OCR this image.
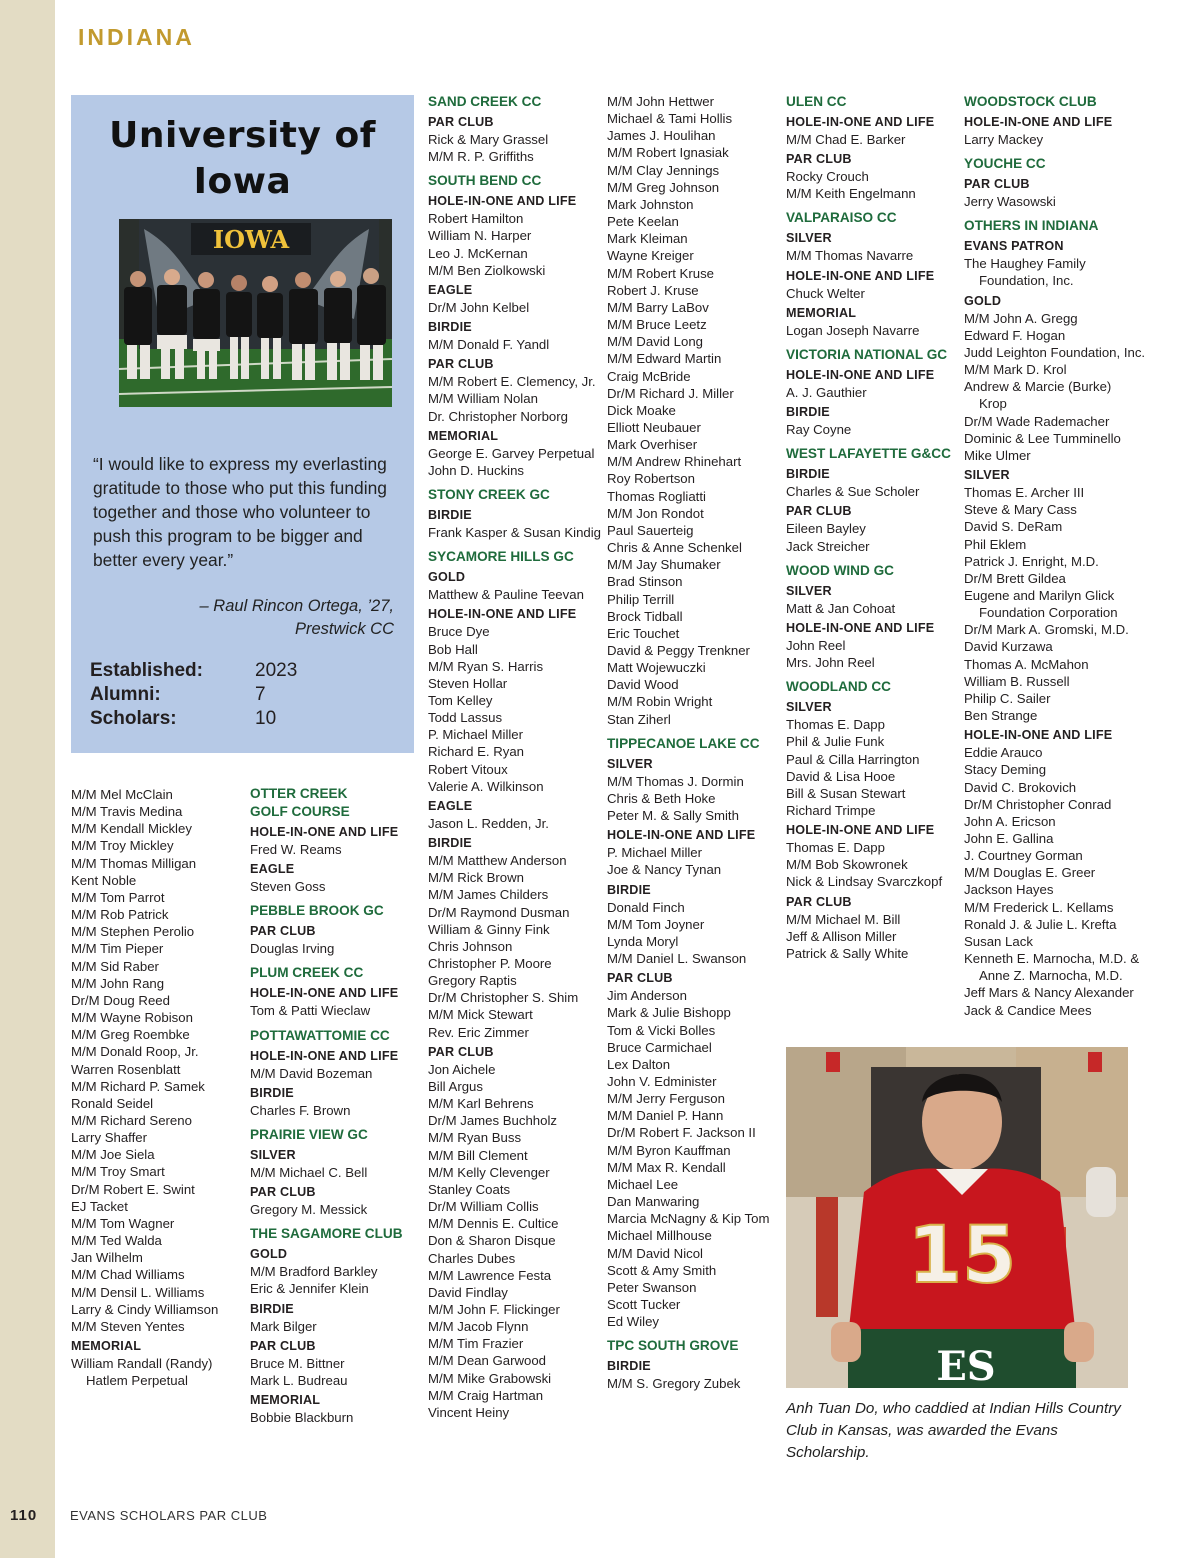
INDIANA
University of Iowa
IOWA
“I would like to express my everlasting gratitude to those who put this funding together and those who volunteer to push this program to be bigger and better every year.”
– Raul Rincon Ortega, ’27,
Prestwick CC
Established:	2023
Alumni:	7
Scholars:	10
M/M Mel McClain
M/M Travis Medina
M/M Kendall Mickley
M/M Troy Mickley
M/M Thomas Milligan
Kent Noble
M/M Tom Parrot
M/M Rob Patrick
M/M Stephen Perolio
M/M Tim Pieper
M/M Sid Raber
M/M John Rang
Dr/M Doug Reed
M/M Wayne Robison
M/M Greg Roembke
M/M Donald Roop, Jr.
Warren Rosenblatt
M/M Richard P. Samek
Ronald Seidel
M/M Richard Sereno
Larry Shaffer
M/M Joe Siela
M/M Troy Smart
Dr/M Robert E. Swint
EJ Tacket
M/M Tom Wagner
M/M Ted Walda
Jan Wilhelm
M/M Chad Williams
M/M Densil L. Williams
Larry & Cindy Williamson
M/M Steven Yentes
MEMORIAL
William Randall (Randy)
Hatlem Perpetual
OTTER CREEK
GOLF COURSE
HOLE-IN-ONE AND LIFE
Fred W. Reams
EAGLE
Steven Goss
PEBBLE BROOK GC
PAR CLUB
Douglas Irving
PLUM CREEK CC
HOLE-IN-ONE AND LIFE
Tom & Patti Wieclaw
POTTAWATTOMIE CC
HOLE-IN-ONE AND LIFE
M/M David Bozeman
BIRDIE
Charles F. Brown
PRAIRIE VIEW GC
SILVER
M/M Michael C. Bell
PAR CLUB
Gregory M. Messick
THE SAGAMORE CLUB
GOLD
M/M Bradford Barkley
Eric & Jennifer Klein
BIRDIE
Mark Bilger
PAR CLUB
Bruce M. Bittner
Mark L. Budreau
MEMORIAL
Bobbie Blackburn
SAND CREEK CC
PAR CLUB
Rick & Mary Grassel
M/M R. P. Griffiths
SOUTH BEND CC
HOLE-IN-ONE AND LIFE
Robert Hamilton
William N. Harper
Leo J. McKernan
M/M Ben Ziolkowski
EAGLE
Dr/M John Kelbel
BIRDIE
M/M Donald F. Yandl
PAR CLUB
M/M Robert E. Clemency, Jr.
M/M William Nolan
Dr. Christopher Norborg
MEMORIAL
George E. Garvey Perpetual
John D. Huckins
STONY CREEK GC
BIRDIE
Frank Kasper & Susan Kindig
SYCAMORE HILLS GC
GOLD
Matthew & Pauline Teevan
HOLE-IN-ONE AND LIFE
Bruce Dye
Bob Hall
M/M Ryan S. Harris
Steven Hollar
Tom Kelley
Todd Lassus
P. Michael Miller
Richard E. Ryan
Robert Vitoux
Valerie A. Wilkinson
EAGLE
Jason L. Redden, Jr.
BIRDIE
M/M Matthew Anderson
M/M Rick Brown
M/M James Childers
Dr/M Raymond Dusman
William & Ginny Fink
Chris Johnson
Christopher P. Moore
Gregory Raptis
Dr/M Christopher S. Shim
M/M Mick Stewart
Rev. Eric Zimmer
PAR CLUB
Jon Aichele
Bill Argus
M/M Karl Behrens
Dr/M James Buchholz
M/M Ryan Buss
M/M Bill Clement
M/M Kelly Clevenger
Stanley Coats
Dr/M William Collis
M/M Dennis E. Cultice
Don & Sharon Disque
Charles Dubes
M/M Lawrence Festa
David Findlay
M/M John F. Flickinger
M/M Jacob Flynn
M/M Tim Frazier
M/M Dean Garwood
M/M Mike Grabowski
M/M Craig Hartman
Vincent Heiny
M/M John Hettwer
Michael & Tami Hollis
James J. Houlihan
M/M Robert Ignasiak
M/M Clay Jennings
M/M Greg Johnson
Mark Johnston
Pete Keelan
Mark Kleiman
Wayne Kreiger
M/M Robert Kruse
Robert J. Kruse
M/M Barry LaBov
M/M Bruce Leetz
M/M David Long
M/M Edward Martin
Craig McBride
Dr/M Richard J. Miller
Dick Moake
Elliott Neubauer
Mark Overhiser
M/M Andrew Rhinehart
Roy Robertson
Thomas Rogliatti
M/M Jon Rondot
Paul Sauerteig
Chris & Anne Schenkel
M/M Jay Shumaker
Brad Stinson
Philip Terrill
Brock Tidball
Eric Touchet
David & Peggy Trenkner
Matt Wojewuczki
David Wood
M/M Robin Wright
Stan Ziherl
TIPPECANOE LAKE CC
SILVER
M/M Thomas J. Dormin
Chris & Beth Hoke
Peter M. & Sally Smith
HOLE-IN-ONE AND LIFE
P. Michael Miller
Joe & Nancy Tynan
BIRDIE
Donald Finch
M/M Tom Joyner
Lynda Moryl
M/M Daniel L. Swanson
PAR CLUB
Jim Anderson
Mark & Julie Bishopp
Tom & Vicki Bolles
Bruce Carmichael
Lex Dalton
John V. Edminister
M/M Jerry Ferguson
M/M Daniel P. Hann
Dr/M Robert F. Jackson II
M/M Byron Kauffman
M/M Max R. Kendall
Michael Lee
Dan Manwaring
Marcia McNagny & Kip Tom
Michael Millhouse
M/M David Nicol
Scott & Amy Smith
Peter Swanson
Scott Tucker
Ed Wiley
TPC SOUTH GROVE
BIRDIE
M/M S. Gregory Zubek
ULEN CC
HOLE-IN-ONE AND LIFE
M/M Chad E. Barker
PAR CLUB
Rocky Crouch
M/M Keith Engelmann
VALPARAISO CC
SILVER
M/M Thomas Navarre
HOLE-IN-ONE AND LIFE
Chuck Welter
MEMORIAL
Logan Joseph Navarre
VICTORIA NATIONAL GC
HOLE-IN-ONE AND LIFE
A. J. Gauthier
BIRDIE
Ray Coyne
WEST LAFAYETTE G&CC
BIRDIE
Charles & Sue Scholer
PAR CLUB
Eileen Bayley
Jack Streicher
WOOD WIND GC
SILVER
Matt & Jan Cohoat
HOLE-IN-ONE AND LIFE
John Reel
Mrs. John Reel
WOODLAND CC
SILVER
Thomas E. Dapp
Phil & Julie Funk
Paul & Cilla Harrington
David & Lisa Hooe
Bill & Susan Stewart
Richard Trimpe
HOLE-IN-ONE AND LIFE
Thomas E. Dapp
M/M Bob Skowronek
Nick & Lindsay Svarczkopf
PAR CLUB
M/M Michael M. Bill
Jeff & Allison Miller
Patrick & Sally White
WOODSTOCK CLUB
HOLE-IN-ONE AND LIFE
Larry Mackey
YOUCHE CC
PAR CLUB
Jerry Wasowski
OTHERS IN INDIANA
EVANS PATRON
The Haughey Family
Foundation, Inc.
GOLD
M/M John A. Gregg
Edward F. Hogan
Judd Leighton Foundation, Inc.
M/M Mark D. Krol
Andrew & Marcie (Burke)
Krop
Dr/M Wade Rademacher
Dominic & Lee Tumminello
Mike Ulmer
SILVER
Thomas E. Archer III
Steve & Mary Cass
David S. DeRam
Phil Eklem
Patrick J. Enright, M.D.
Dr/M Brett Gildea
Eugene and Marilyn Glick
Foundation Corporation
Dr/M Mark A. Gromski, M.D.
David Kurzawa
Thomas A. McMahon
William B. Russell
Philip C. Sailer
Ben Strange
HOLE-IN-ONE AND LIFE
Eddie Arauco
Stacy Deming
David C. Brokovich
Dr/M Christopher Conrad
John A. Ericson
John E. Gallina
J. Courtney Gorman
M/M Douglas E. Greer
Jackson Hayes
M/M Frederick L. Kellams
Ronald J. & Julie L. Krefta
Susan Lack
Kenneth E. Marnocha, M.D. &
Anne Z. Marnocha, M.D.
Jeff Mars & Nancy Alexander
Jack & Candice Mees
15
ES
Anh Tuan Do, who caddied at Indian Hills Country Club in Kansas, was awarded the Evans Scholarship.
110	EVANS SCHOLARS PAR CLUB
